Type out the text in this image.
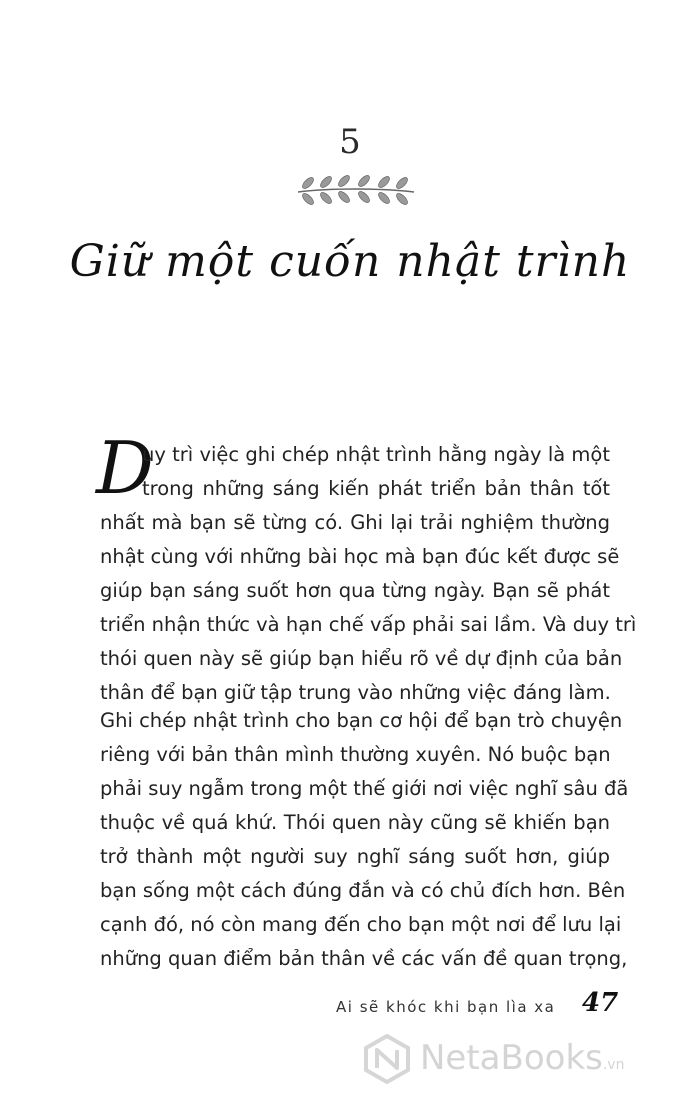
5
Giữ một cuốn nhật trình
D
uy trì việc ghi chép nhật trình hằng ngày là một
trong những sáng kiến phát triển bản thân tốt
nhất mà bạn sẽ từng có. Ghi lại trải nghiệm thường
nhật cùng với những bài học mà bạn đúc kết được sẽ
giúp bạn sáng suốt hơn qua từng ngày. Bạn sẽ phát
triển nhận thức và hạn chế vấp phải sai lầm. Và duy trì
thói quen này sẽ giúp bạn hiểu rõ về dự định của bản
thân để bạn giữ tập trung vào những việc đáng làm.
Ghi chép nhật trình cho bạn cơ hội để bạn trò chuyện
riêng với bản thân mình thường xuyên. Nó buộc bạn
phải suy ngẫm trong một thế giới nơi việc nghĩ sâu đã
thuộc về quá khứ. Thói quen này cũng sẽ khiến bạn
trở thành một người suy nghĩ sáng suốt hơn, giúp
bạn sống một cách đúng đắn và có chủ đích hơn. Bên
cạnh đó, nó còn mang đến cho bạn một nơi để lưu lại
những quan điểm bản thân về các vấn đề quan trọng,
Ai sẽ khóc khi bạn lìa xa 47
NetaBooks.vn
